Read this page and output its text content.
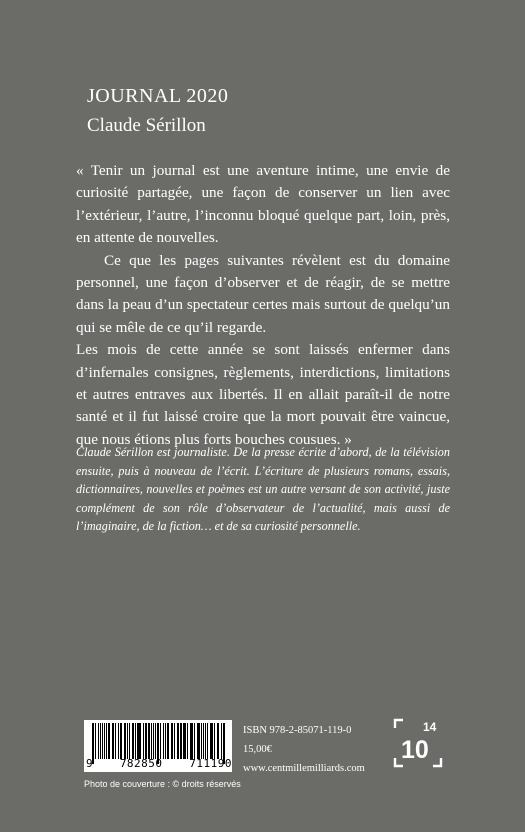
JOURNAL 2020
Claude Sérillon

« Tenir un journal est une aventure intime, une envie de curiosité partagée, une façon de conserver un lien avec l’extérieur, l’autre, l’inconnu bloqué quelque part, loin, près, en attente de nouvelles.

Ce que les pages suivantes révèlent est du domaine personnel, une façon d’observer et de réagir, de se mettre dans la peau d’un spectateur certes mais surtout de quelqu’un qui se mêle de ce qu’il regarde.

Les mois de cette année se sont laissés enfermer dans d’infernales consignes, règlements, interdictions, limitations et autres entraves aux libertés. Il en allait paraît-il de notre santé et il fut laissé croire que la mort pouvait être vaincue, que nous étions plus forts bouches cousues. »

Claude Sérillon est journaliste. De la presse écrite d’abord, de la télévision ensuite, puis à nouveau de l’écrit. L’écriture de plusieurs romans, essais, dictionnaires, nouvelles et poèmes est un autre versant de son activité, juste complément de son rôle d’observateur de l’actualité, mais aussi de l’imaginaire, de la fiction… et de sa curiosité personnelle.
9 782850 711190
ISBN 978-2-85071-119-0
15,00€
www.centmillemilliards.com
14
10
Photo de couverture : © droits réservés
